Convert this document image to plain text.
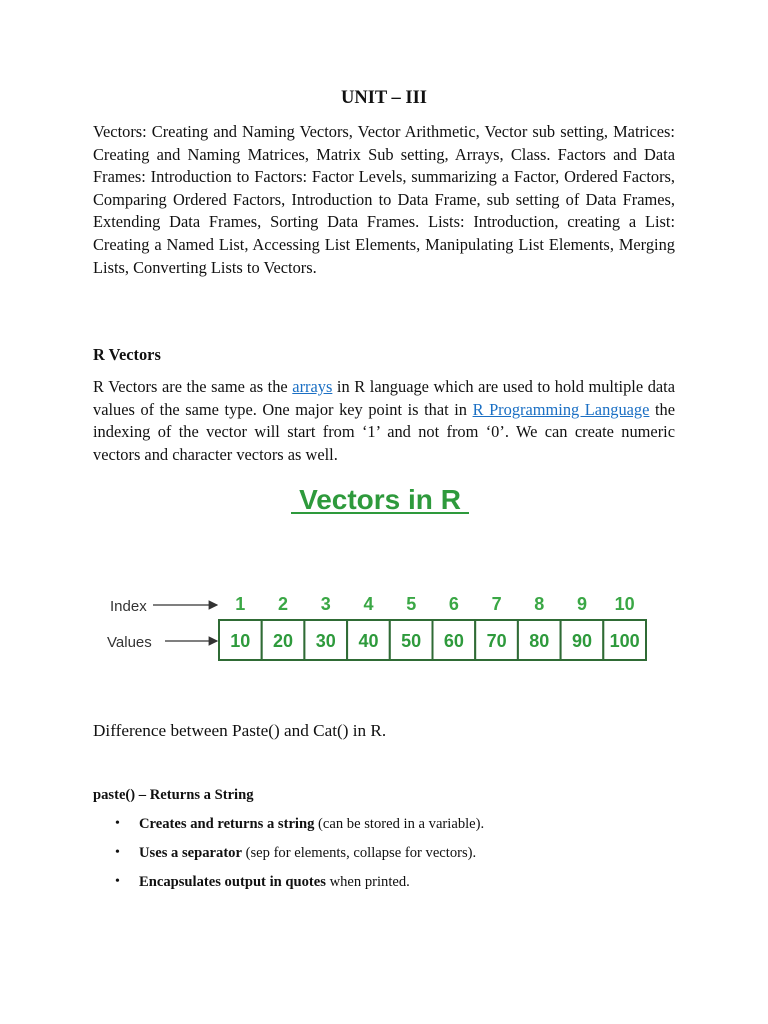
UNIT – III

Vectors: Creating and Naming Vectors, Vector Arithmetic, Vector sub setting, Matrices: Creating and Naming Matrices, Matrix Sub setting, Arrays, Class. Factors and Data Frames: Introduction to Factors: Factor Levels, summarizing a Factor, Ordered Factors, Comparing Ordered Factors, Introduction to Data Frame, sub setting of Data Frames, Extending Data Frames, Sorting Data Frames. Lists: Introduction, creating a List: Creating a Named List, Accessing List Elements, Manipulating List Elements, Merging Lists, Converting Lists to Vectors.

R Vectors

R Vectors are the same as the arrays in R language which are used to hold multiple data values of the same type. One major key point is that in R Programming Language the indexing of the vector will start from ‘1’ and not from ‘0’. We can create numeric vectors and character vectors as well.

Vectors in R
Index
Values
1 2 3 4 5 6 7 8 9 10
10 20 30 40 50 60 70 80 90 100
Difference between Paste() and Cat() in R.
paste() – Returns a String
• Creates and returns a string (can be stored in a variable).
• Uses a separator (sep for elements, collapse for vectors).
• Encapsulates output in quotes when printed.
